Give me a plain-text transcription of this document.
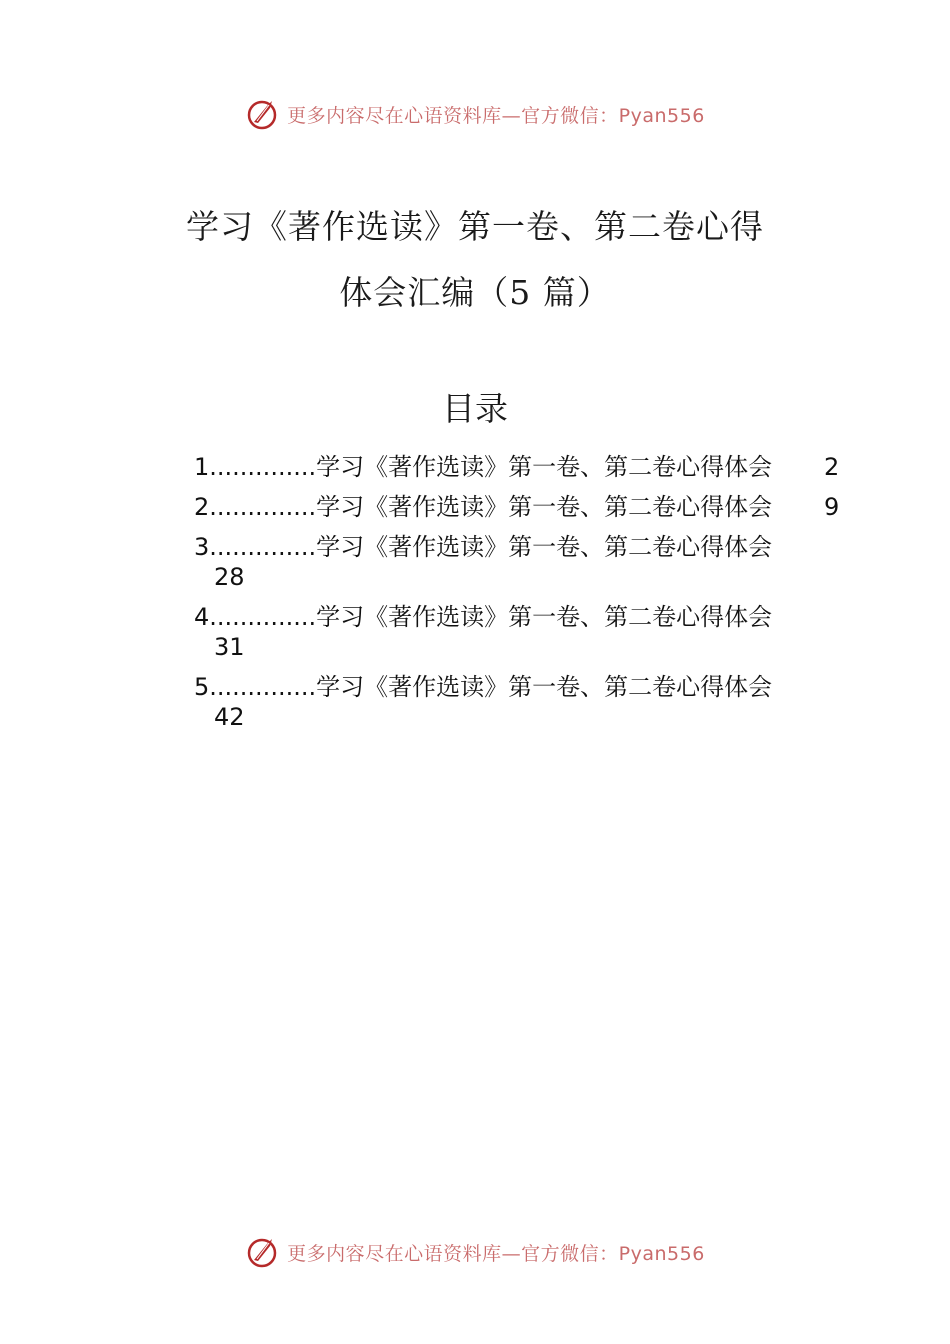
更多内容尽在心语资料库—官方微信：Pyan556
学习《著作选读》第一卷、第二卷心得
体会汇编（5 篇）
目录
1..............学习《著作选读》第一卷、第二卷心得体会 2
2..............学习《著作选读》第一卷、第二卷心得体会 9
3..............学习《著作选读》第一卷、第二卷心得体会
28
4..............学习《著作选读》第一卷、第二卷心得体会
31
5..............学习《著作选读》第一卷、第二卷心得体会
42
更多内容尽在心语资料库—官方微信：Pyan556
